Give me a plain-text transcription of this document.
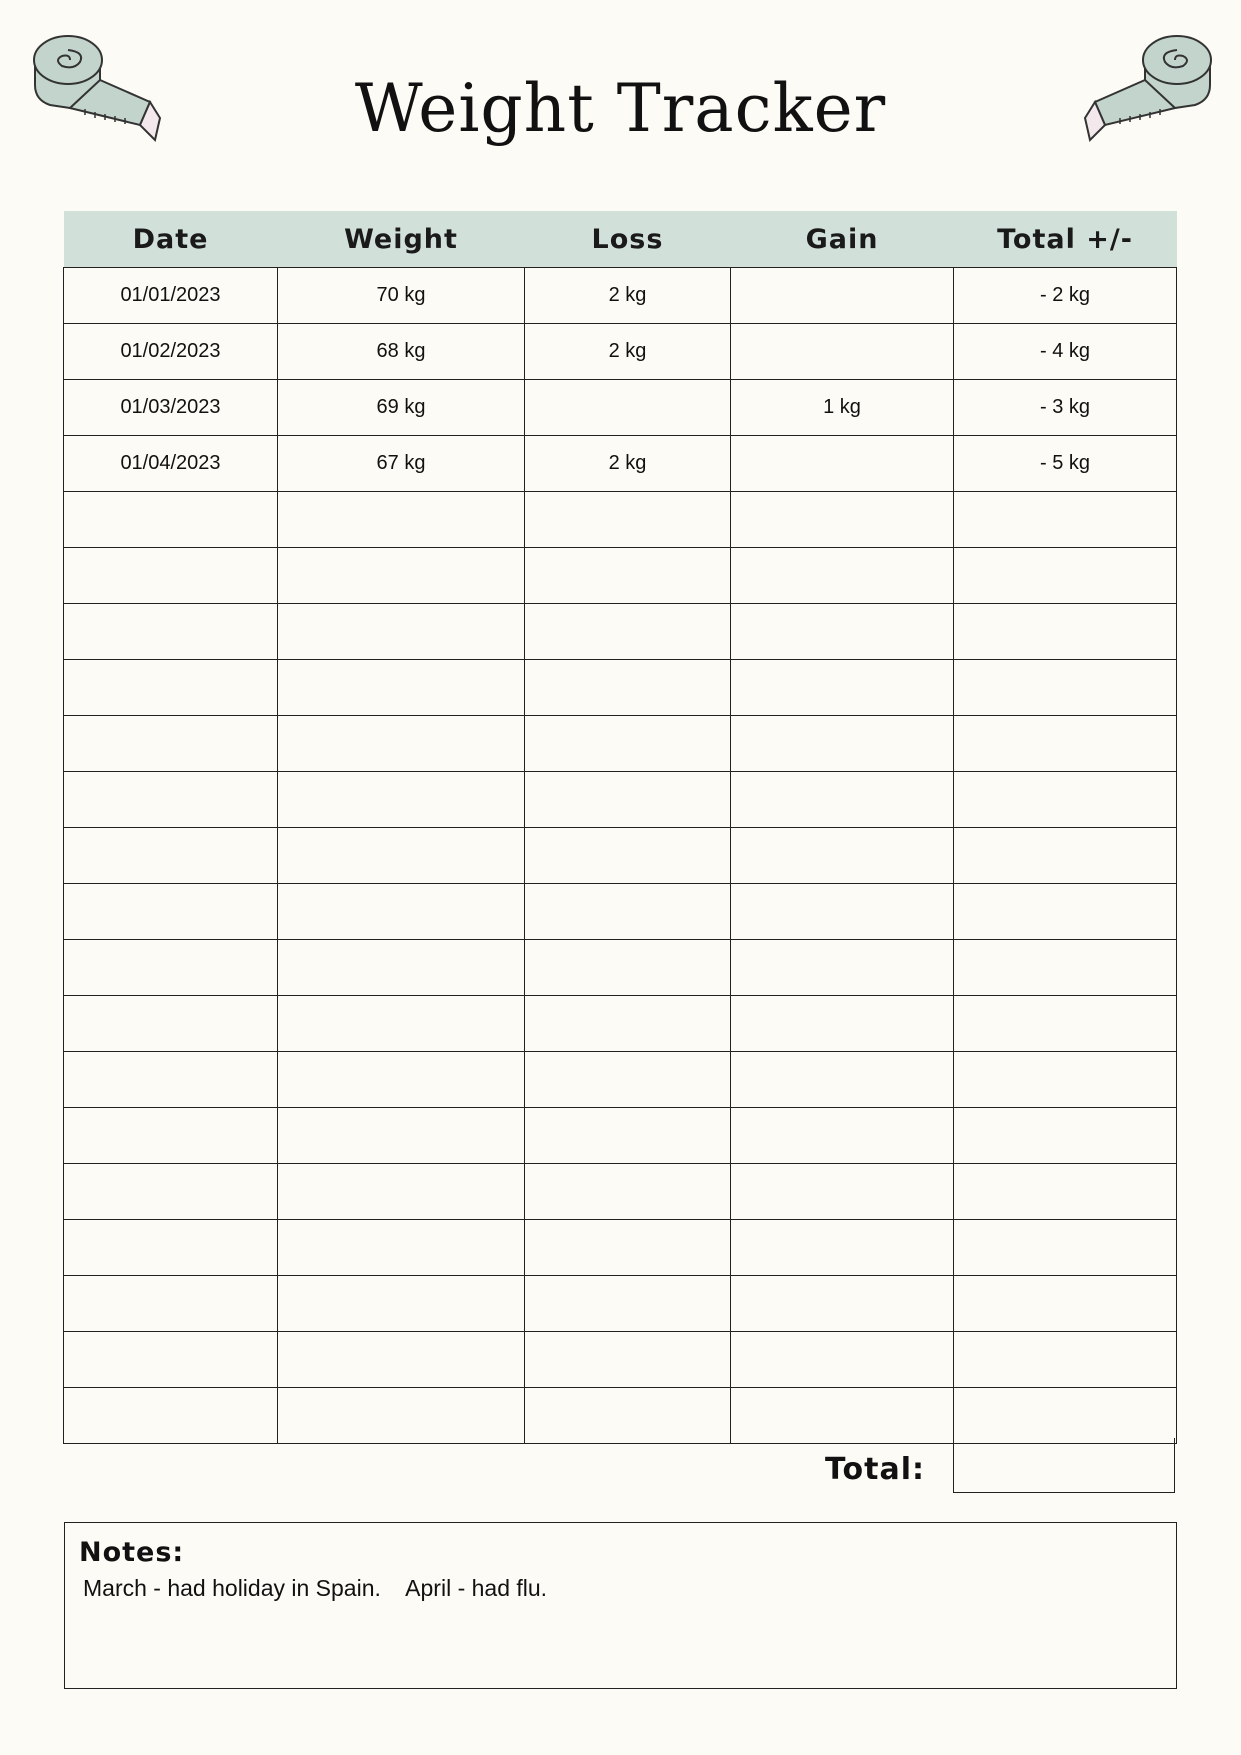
Weight Tracker
Date	Weight	Loss	Gain	Total +/-
01/01/2023	70 kg	2 kg		- 2 kg
01/02/2023	68 kg	2 kg		- 4 kg
01/03/2023	69 kg		1 kg	- 3 kg
01/04/2023	67 kg	2 kg		- 5 kg

Total:
Notes:
March - had holiday in Spain.    April - had flu.
